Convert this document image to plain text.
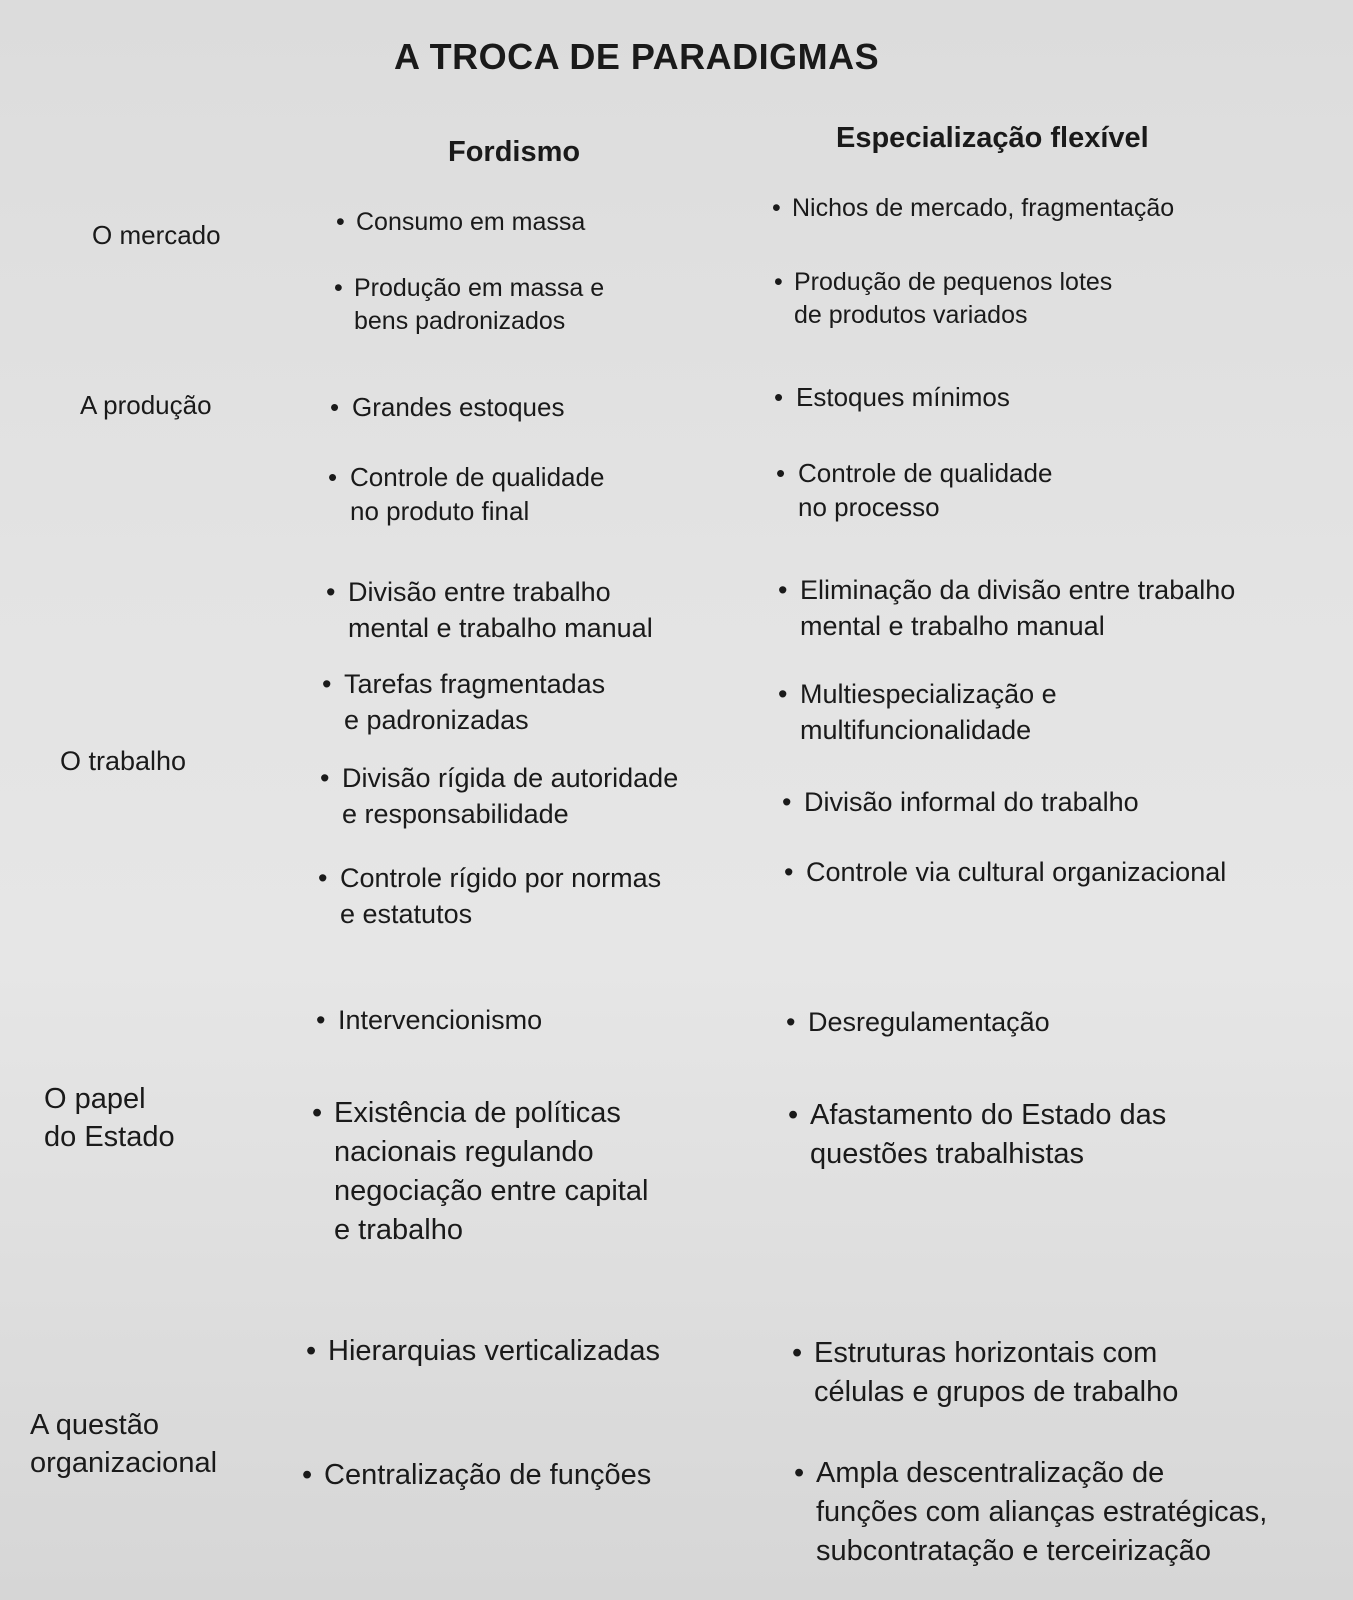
A TROCA DE PARADIGMAS
Fordismo	Especialização flexível
O mercado
A produção
O trabalho
O papel
do Estado
A questão
organizacional
• Consumo em massa
• Produção em massa e
bens padronizados
• Grandes estoques
• Controle de qualidade
no produto final
• Divisão entre trabalho
mental e trabalho manual
• Tarefas fragmentadas
e padronizadas
• Divisão rígida de autoridade
e responsabilidade
• Controle rígido por normas
e estatutos
• Intervencionismo
• Existência de políticas
nacionais regulando
negociação entre capital
e trabalho
• Hierarquias verticalizadas
• Centralização de funções
• Nichos de mercado, fragmentação
• Produção de pequenos lotes
de produtos variados
• Estoques mínimos
• Controle de qualidade
no processo
• Eliminação da divisão entre trabalho
mental e trabalho manual
• Multiespecialização e
multifuncionalidade
• Divisão informal do trabalho
• Controle via cultural organizacional
• Desregulamentação
• Afastamento do Estado das
questões trabalhistas
• Estruturas horizontais com
células e grupos de trabalho
• Ampla descentralização de
funções com alianças estratégicas,
subcontratação e terceirização
